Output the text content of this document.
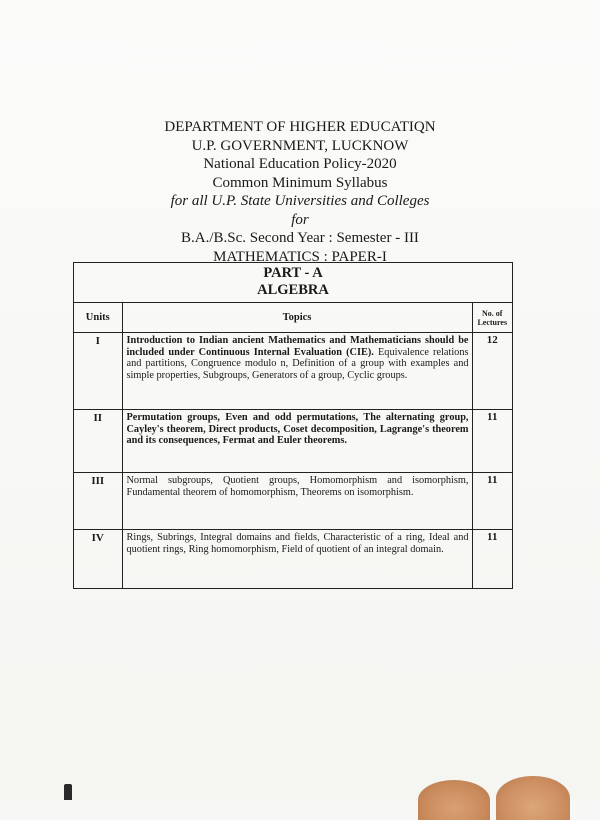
DEPARTMENT OF HIGHER EDUCATIQN
U.P. GOVERNMENT, LUCKNOW
National Education Policy-2020
Common Minimum Syllabus
for all U.P. State Universities and Colleges
for
B.A./B.Sc. Second Year : Semester - III
MATHEMATICS : PAPER-I
PART - A
ALGEBRA
Units	Topics	No. of
Lectures
I	Introduction to Indian ancient Mathematics and Mathematicians should be included under Continuous Internal Evaluation (CIE). Equivalence relations and partitions, Congruence modulo n, Definition of a group with examples and simple properties, Subgroups, Generators of a group, Cyclic groups.	12
II	Permutation groups, Even and odd permutations, The alternating group, Cayley's theorem, Direct products, Coset decomposition, Lagrange's theorem and its consequences, Fermat and Euler theorems.	11
III	Normal subgroups, Quotient groups, Homomorphism and isomorphism, Fundamental theorem of homomorphism, Theorems on isomorphism.	11
IV	Rings, Subrings, Integral domains and fields, Characteristic of a ring, Ideal and quotient rings, Ring homomorphism, Field of quotient of an integral domain.	11
